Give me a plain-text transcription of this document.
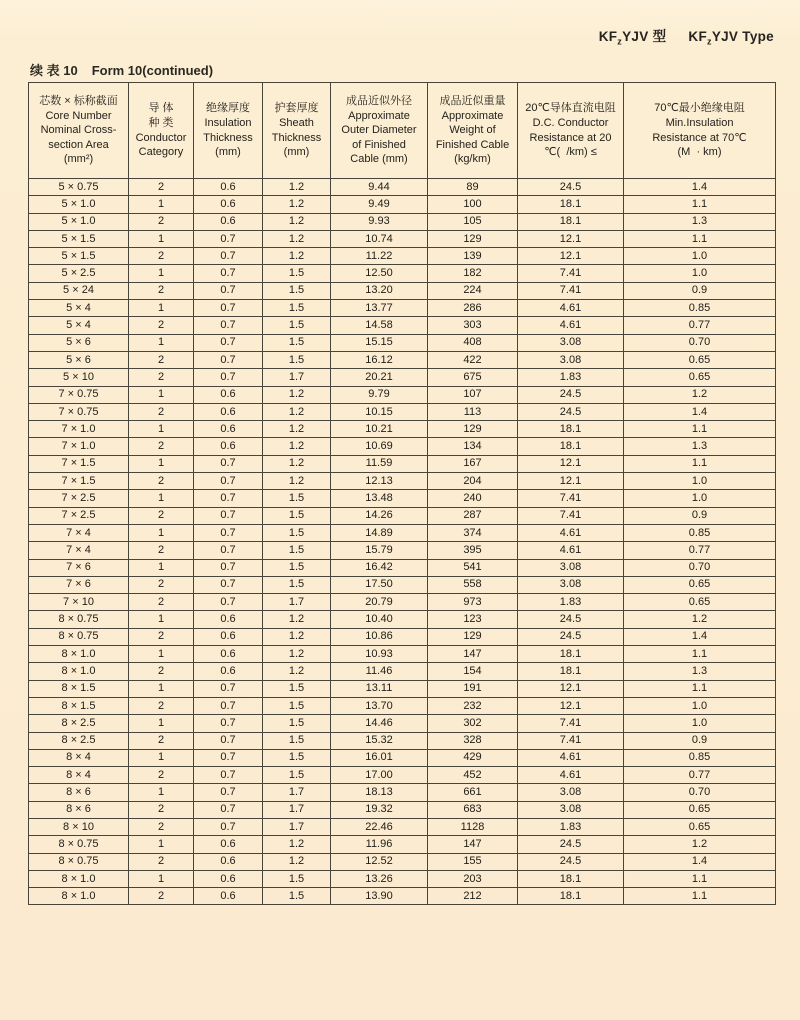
$KF_zYJV$ 型 $KF_zYJV$ Type
续 表 10 Form 10(continued)
芯数 × 标称截面
Core Number
Nominal Cross-
section Area
(mm²)

导 体
种 类
Conductor
Category

绝缘厚度
Insulation
Thickness
(mm)

护套厚度
Sheath
Thickness
(mm)

成品近似外径
Approximate
Outer Diameter
of Finished
Cable (mm)

成品近似重量
Approximate
Weight of
Finished Cable
(kg/km)

20℃导体直流电阻
D.C. Conductor
Resistance at 20
℃(  /km) ≤

70℃最小绝缘电阻
Min.Insulation
Resistance at 70℃
(M  · km)

5 × 0.75	2	0.6	1.2	9.44	89	24.5	1.4
5 × 1.0	1	0.6	1.2	9.49	100	18.1	1.1
5 × 1.0	2	0.6	1.2	9.93	105	18.1	1.3
5 × 1.5	1	0.7	1.2	10.74	129	12.1	1.1
5 × 1.5	2	0.7	1.2	11.22	139	12.1	1.0
5 × 2.5	1	0.7	1.5	12.50	182	7.41	1.0
5 × 24	2	0.7	1.5	13.20	224	7.41	0.9
5 × 4	1	0.7	1.5	13.77	286	4.61	0.85
5 × 4	2	0.7	1.5	14.58	303	4.61	0.77
5 × 6	1	0.7	1.5	15.15	408	3.08	0.70
5 × 6	2	0.7	1.5	16.12	422	3.08	0.65
5 × 10	2	0.7	1.7	20.21	675	1.83	0.65
7 × 0.75	1	0.6	1.2	9.79	107	24.5	1.2
7 × 0.75	2	0.6	1.2	10.15	113	24.5	1.4
7 × 1.0	1	0.6	1.2	10.21	129	18.1	1.1
7 × 1.0	2	0.6	1.2	10.69	134	18.1	1.3
7 × 1.5	1	0.7	1.2	11.59	167	12.1	1.1
7 × 1.5	2	0.7	1.2	12.13	204	12.1	1.0
7 × 2.5	1	0.7	1.5	13.48	240	7.41	1.0
7 × 2.5	2	0.7	1.5	14.26	287	7.41	0.9
7 × 4	1	0.7	1.5	14.89	374	4.61	0.85
7 × 4	2	0.7	1.5	15.79	395	4.61	0.77
7 × 6	1	0.7	1.5	16.42	541	3.08	0.70
7 × 6	2	0.7	1.5	17.50	558	3.08	0.65
7 × 10	2	0.7	1.7	20.79	973	1.83	0.65
8 × 0.75	1	0.6	1.2	10.40	123	24.5	1.2
8 × 0.75	2	0.6	1.2	10.86	129	24.5	1.4
8 × 1.0	1	0.6	1.2	10.93	147	18.1	1.1
8 × 1.0	2	0.6	1.2	11.46	154	18.1	1.3
8 × 1.5	1	0.7	1.5	13.11	191	12.1	1.1
8 × 1.5	2	0.7	1.5	13.70	232	12.1	1.0
8 × 2.5	1	0.7	1.5	14.46	302	7.41	1.0
8 × 2.5	2	0.7	1.5	15.32	328	7.41	0.9
8 × 4	1	0.7	1.5	16.01	429	4.61	0.85
8 × 4	2	0.7	1.5	17.00	452	4.61	0.77
8 × 6	1	0.7	1.7	18.13	661	3.08	0.70
8 × 6	2	0.7	1.7	19.32	683	3.08	0.65
8 × 10	2	0.7	1.7	22.46	1128	1.83	0.65
8 × 0.75	1	0.6	1.2	11.96	147	24.5	1.2
8 × 0.75	2	0.6	1.2	12.52	155	24.5	1.4
8 × 1.0	1	0.6	1.5	13.26	203	18.1	1.1
8 × 1.0	2	0.6	1.5	13.90	212	18.1	1.1
